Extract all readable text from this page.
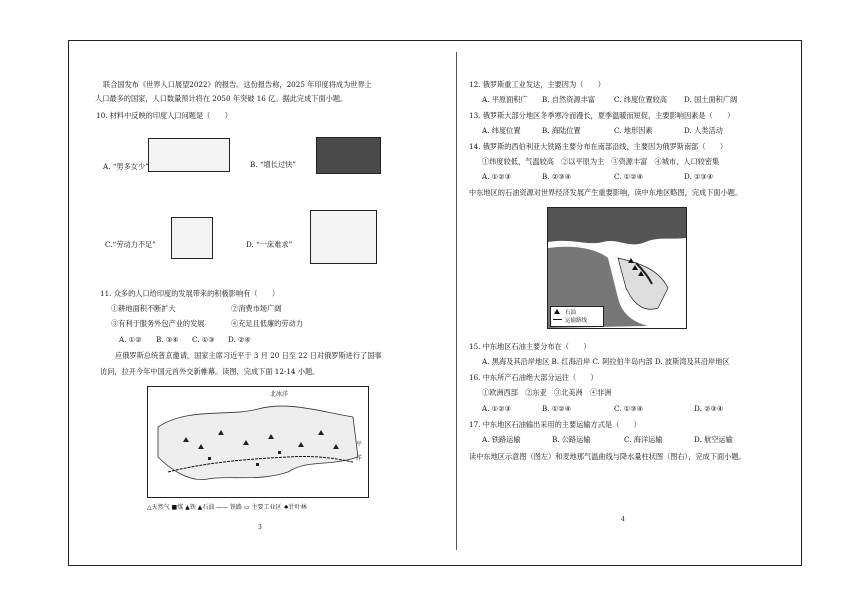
联合国发布《世界人口展望2022》的报告。这份报告称，2025 年印度将成为世界上
人口最多的国家，人口数量预计将在 2050 年突破 16 亿。据此完成下面小题。
10. 材料中反映的印度人口问题是（　　）
A. “男多女少”	B. “增长过快”
C.“劳动力不足”	D. “一床难求”
11. 众多的人口给印度的发展带来的积极影响有（　　）
①耕地面积不断扩大	②消费市场广阔
③有利于服务外包产业的发展	④充足且低廉的劳动力
A. ①② B. ③④ C. ①③ D. ②④
应俄罗斯总统普京邀请，国家主席习近平于 3 月 20 日至 22 日对俄罗斯进行了国事
访问，拉开今年中国元首外交新帷幕。读图，完成下面 12-14 小题。
北冰洋
平
洋
△天然气 ■煤 ▲铁 ▲石油 —— 铁路 ▭ 主要工业区 ♠针叶林
3
12. 俄罗斯重工业发达，主要因为（　　）
A. 平原面积广 B. 自然资源丰富	C. 纬度位置较高 D. 国土面积广阔
13. 俄罗斯大部分地区冬季寒冷而漫长，夏季温暖而短促，主要影响因素是（　　）
A. 纬度位置	B. 海陆位置	C. 地形因素	D. 人类活动
14. 俄罗斯的西伯利亚大铁路主要分布在南部沿线，主要因为俄罗斯南部（　　）
①纬度较低，气温较高　②以平原为主　③资源丰富　④城市、人口较密集
A. ①②③	B. ②③④	C. ①②④	D. ①③④
中东地区的石油资源对世界经济发展产生重要影响，读中东地区略图，完成下面小题。
15. 中东地区石油主要分布在（　　）
A. 黑海及其沿岸地区 B. 红海沿岸 C. 阿拉伯半岛内部 D. 波斯湾及其沿岸地区
16. 中东所产石油绝大部分运往（　　）
①欧洲西部　②东亚　③北美洲　④非洲
A. ①②③	B. ①②④	C. ①③④	D. ②③④
17. 中东地区石油输出采用的主要运输方式是（　　）
A. 铁路运输	B. 公路运输	C. 海洋运输	D. 航空运输
读中东地区示意图（图左）和麦地那气温曲线与降水量柱状图（图右），完成下面小题。
石油
运输路线
4
